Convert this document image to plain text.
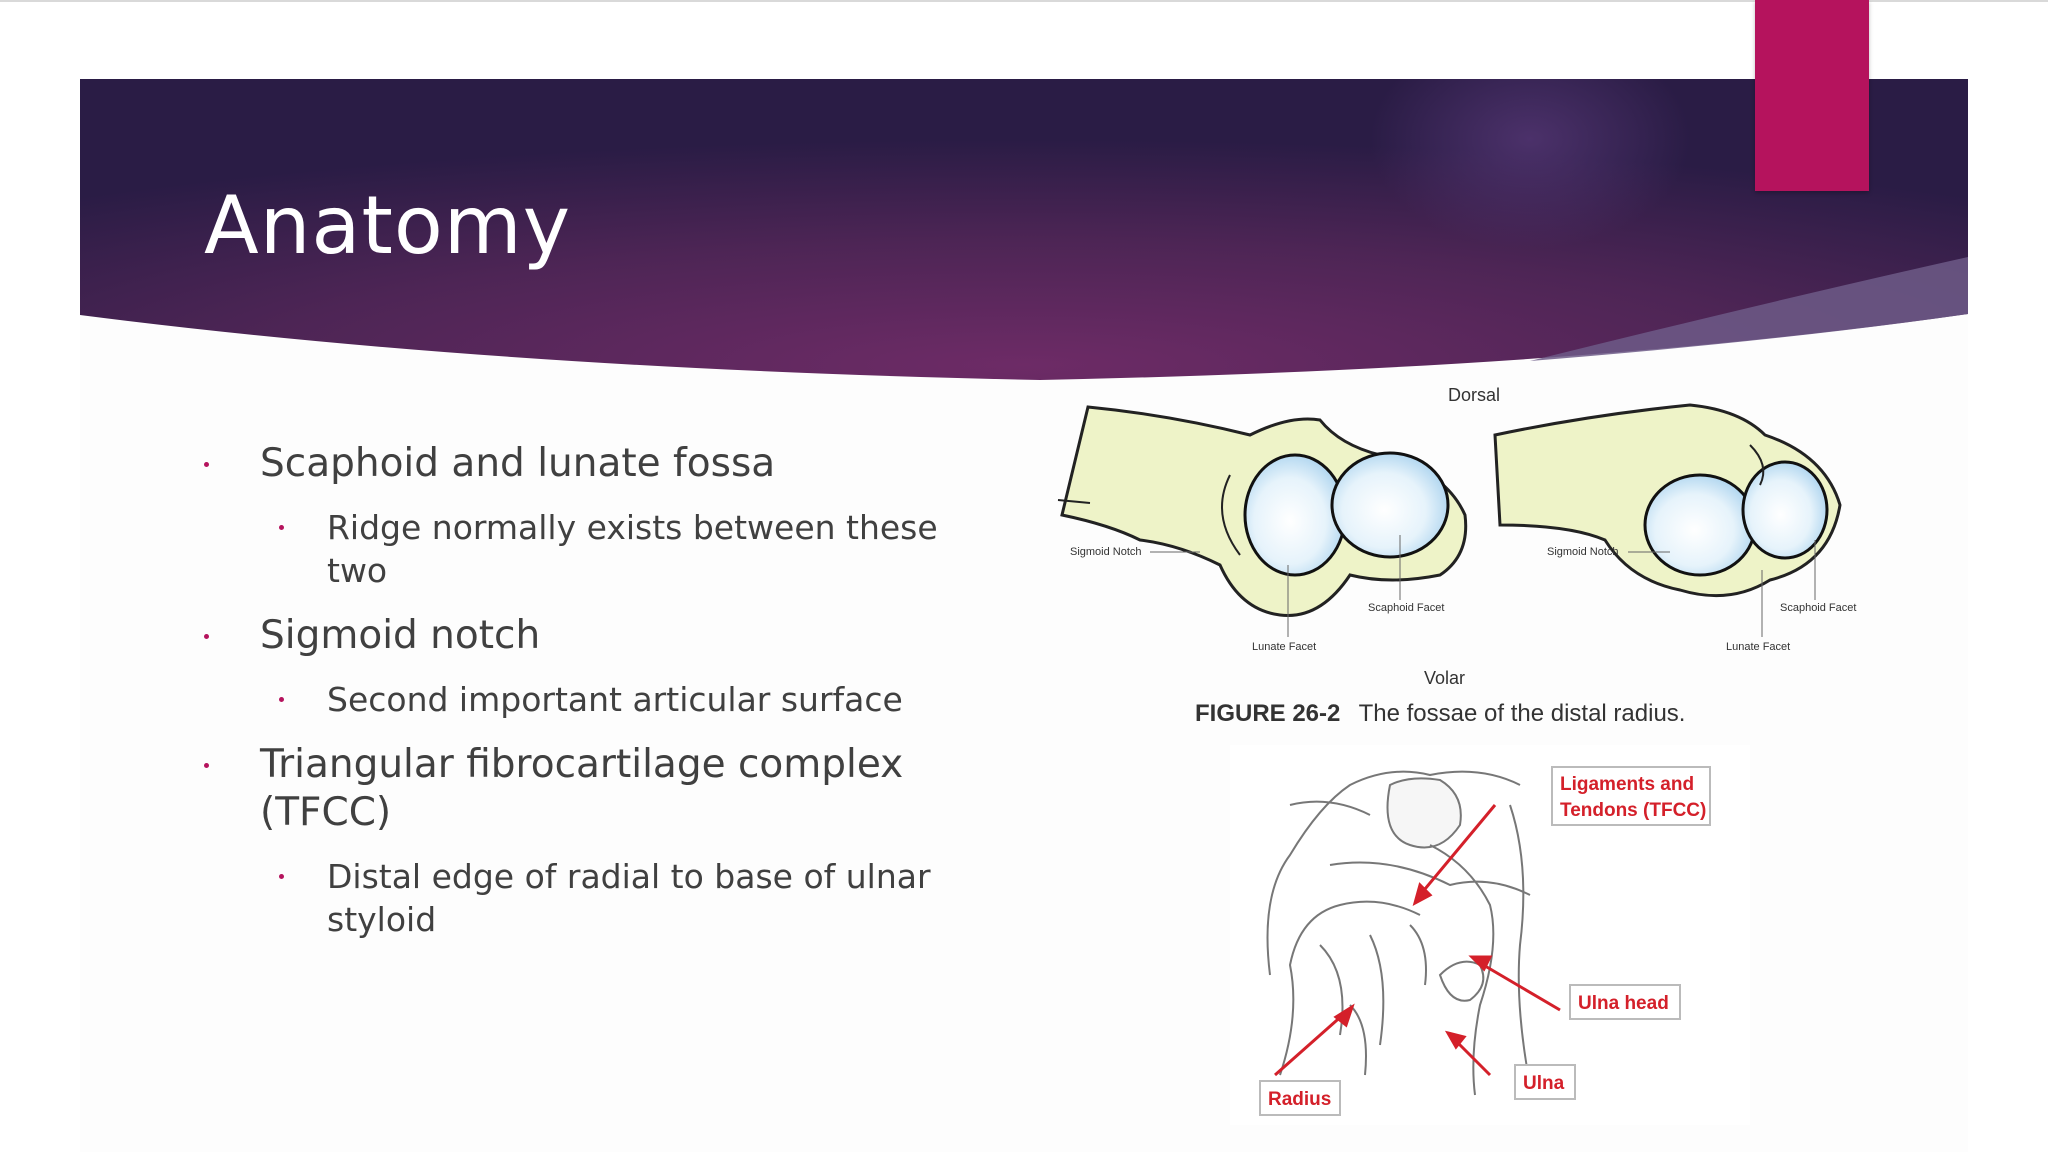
Anatomy
Scaphoid and lunate fossa
Ridge normally exists between these two
Sigmoid notch
Second important articular surface
Triangular fibrocartilage complex (TFCC)
Distal edge of radial to base of ulnar styloid
Dorsal
Sigmoid Notch
Scaphoid Facet
Lunate Facet
Sigmoid Notch
Scaphoid Facet
Lunate Facet
Volar
FIGURE 26-2 The fossae of the distal radius.
Ligaments and
Tendons (TFCC)
Ulna head
Ulna
Radius
